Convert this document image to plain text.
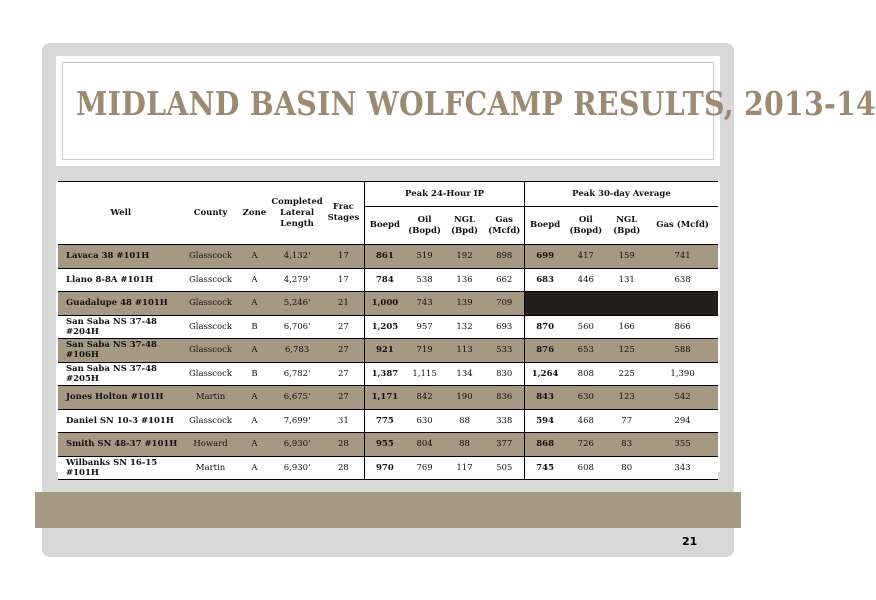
MIDLAND BASIN WOLFCAMP RESULTS, 2013-14
Well	County	Zone	Completed Lateral Length	Frac Stages	Peak 24-Hour IP				Peak 30-day Average			
					Boepd	Oil (Bopd)	NGL (Bpd)	Gas (Mcfd)	Boepd	Oil (Bopd)	NGL (Bpd)	Gas (Mcfd)
Lavaca 38 #101H	Glasscock	A	4,132'	17	861	519	192	898	699	417	159	741
Llano 8-8A #101H	Glasscock	A	4,279'	17	784	538	136	662	683	446	131	638
Guadalupe 48 #101H	Glasscock	A	5,246'	21	1,000	743	139	709				
San Saba NS 37-48 #204H	Glasscock	B	6,706'	27	1,205	957	132	693	870	560	166	866
San Saba NS 37-48 #106H	Glasscock	A	6,783	27	921	719	113	533	876	653	125	588
San Saba NS 37-48 #205H	Glasscock	B	6,782'	27	1,387	1,115	134	830	1,264	808	225	1,390
Jones Holton #101H	Martin	A	6,675'	27	1,171	842	190	836	843	630	123	542
Daniel SN 10-3 #101H	Glasscock	A	7,699'	31	775	630	88	338	594	468	77	294
Smith SN 48-37 #101H	Howard	A	6,930'	28	955	804	88	377	868	726	83	355
Wilbanks SN 16-15 #101H	Martin	A	6,930'	28	970	769	117	505	745	608	80	343
21
